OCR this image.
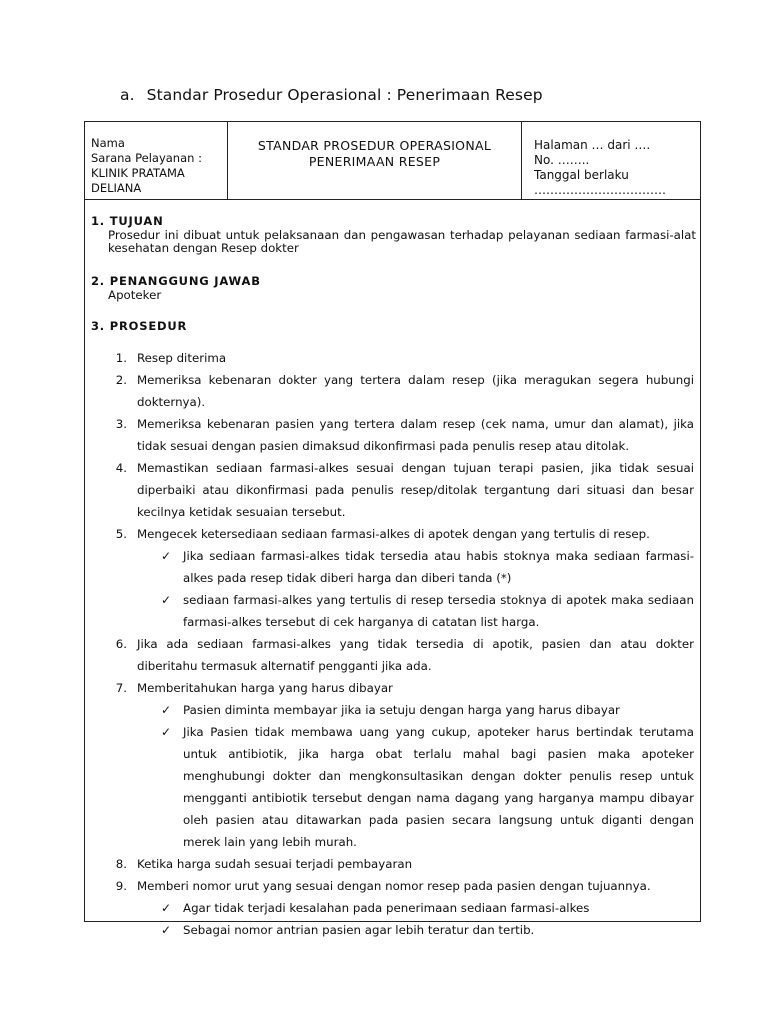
a. Standar Prosedur Operasional : Penerimaan Resep
Nama
Sarana Pelayanan :
KLINIK PRATAMA
DELIANA
STANDAR PROSEDUR OPERASIONAL
PENERIMAAN RESEP
Halaman … dari ….
No. ……..
Tanggal berlaku
……………………………
1. TUJUAN
Prosedur ini dibuat untuk pelaksanaan dan pengawasan terhadap pelayanan sediaan farmasi-alat kesehatan dengan Resep dokter
2. PENANGGUNG JAWAB
Apoteker
3. PROSEDUR
1. Resep diterima
2. Memeriksa kebenaran dokter yang tertera dalam resep (jika meragukan segera hubungi dokternya).
3. Memeriksa kebenaran pasien yang tertera dalam resep (cek nama, umur dan alamat), jika tidak sesuai dengan pasien dimaksud dikonfirmasi pada penulis resep atau ditolak.
4. Memastikan sediaan farmasi-alkes sesuai dengan tujuan terapi pasien, jika tidak sesuai diperbaiki atau dikonfirmasi pada penulis resep/ditolak tergantung dari situasi dan besar kecilnya ketidak sesuaian tersebut.
5. Mengecek ketersediaan sediaan farmasi-alkes di apotek dengan yang tertulis di resep.
✓ Jika sediaan farmasi-alkes tidak tersedia atau habis stoknya maka sediaan farmasi-alkes pada resep tidak diberi harga dan diberi tanda (*)
✓ sediaan farmasi-alkes yang tertulis di resep tersedia stoknya di apotek maka sediaan farmasi-alkes tersebut di cek harganya di catatan list harga.
6. Jika ada sediaan farmasi-alkes yang tidak tersedia di apotik, pasien dan atau dokter diberitahu termasuk alternatif pengganti jika ada.
7. Memberitahukan harga yang harus dibayar
✓ Pasien diminta membayar jika ia setuju dengan harga yang harus dibayar
✓ Jika Pasien tidak membawa uang yang cukup, apoteker harus bertindak terutama untuk antibiotik, jika harga obat terlalu mahal bagi pasien maka apoteker menghubungi dokter dan mengkonsultasikan dengan dokter penulis resep untuk mengganti antibiotik tersebut dengan nama dagang yang harganya mampu dibayar oleh pasien atau ditawarkan pada pasien secara langsung untuk diganti dengan merek lain yang lebih murah.
8. Ketika harga sudah sesuai terjadi pembayaran
9. Memberi nomor urut yang sesuai dengan nomor resep pada pasien dengan tujuannya.
✓ Agar tidak terjadi kesalahan pada penerimaan sediaan farmasi-alkes
✓ Sebagai nomor antrian pasien agar lebih teratur dan tertib.
